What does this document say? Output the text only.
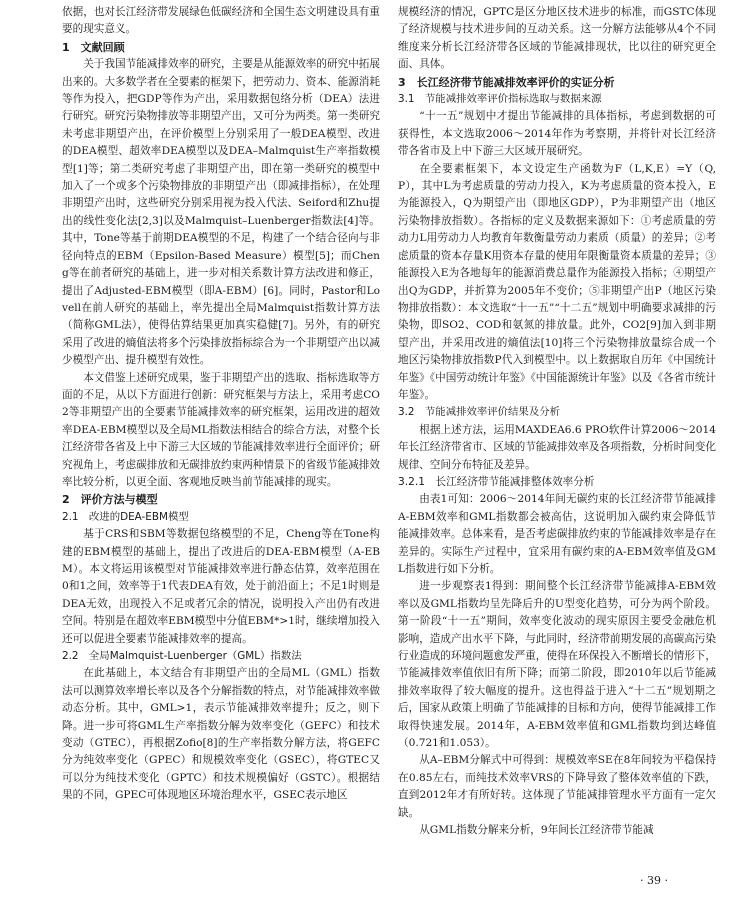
依据，也对长江经济带发展绿色低碳经济和全国生态文明建设具有重要的现实意义。

1　文献回顾

关于我国节能减排效率的研究，主要是从能源效率的研究中拓展出来的。大多数学者在全要素的框架下，把劳动力、资本、能源消耗等作为投入，把GDP等作为产出，采用数据包络分析（DEA）法进行研究。研究污染物排放等非期望产出，又可分为两类。第一类研究未考虑非期望产出，在评价模型上分别采用了一般DEA模型、改进的DEA模型、超效率DEA模型以及DEA–Malmquist生产率指数模型[1]等；第二类研究考虑了非期望产出，即在第一类研究的模型中加入了一个或多个污染物排放的非期望产出（即减排指标），在处理非期望产出时，这些研究分别采用视为投入代法、Seiford和Zhu提出的线性变化法[2,3]以及Malmquist–Luenberger指数法[4]等。其中，Tone等基于前期DEA模型的不足，构建了一个结合径向与非径向特点的EBM（Epsilon-Based Measure）模型[5]；而Cheng等在前者研究的基础上，进一步对相关系数计算方法改进和修正，提出了Adjusted-EBM模型（即A-EBM）[6]。同时，Pastor和Lovell在前人研究的基础上，率先提出全局Malmquist指数计算方法（简称GML法），使得估算结果更加真实稳健[7]。另外，有的研究采用了改进的熵值法将多个污染排放指标综合为一个非期望产出以减少模型产出、提升模型有效性。

本文借鉴上述研究成果，鉴于非期望产出的选取、指标选取等方面的不足，从以下方面进行创新：研究框架与方法上，采用考虑CO2等非期望产出的全要素节能减排效率的研究框架，运用改进的超效率DEA-EBM模型以及全局ML指数法相结合的综合方法，对整个长江经济带各省及上中下游三大区域的节能减排效率进行全面评价；研究视角上，考虑碳排放和无碳排放约束两种情景下的省级节能减排效率比较分析，以更全面、客观地反映当前节能减排的现实。

2　评价方法与模型
2.1　改进的DEA-EBM模型

基于CRS和SBM等数据包络模型的不足，Cheng等在Tone构建的EBM模型的基础上，提出了改进后的DEA-EBM模型（A-EBM）。本文将运用该模型对节能减排效率进行静态估算，效率范围在0和1之间，效率等于1代表DEA有效，处于前沿面上；不足1时则是DEA无效，出现投入不足或者冗余的情况，说明投入产出仍有改进空间。特别是在超效率EBM模型中分值EBM*>1时，继续增加投入还可以促进全要素节能减排效率的提高。

2.2　全局Malmquist-Luenberger（GML）指数法

在此基础上，本文结合有非期望产出的全局ML（GML）指数法可以测算效率增长率以及各个分解指数的特点，对节能减排效率做动态分析。其中，GML>1，表示节能减排效率提升；反之，则下降。进一步可将GML生产率指数分解为效率变化（GEFC）和技术变动（GTEC），再根据Zofio[8]的生产率指数分解方法，将GEFC分为纯效率变化（GPEC）和规模效率变化（GSEC），将GTEC又可以分为纯技术变化（GPTC）和技术规模偏好（GSTC）。根据结果的不同，GPEC可体现地区环境治理水平，GSEC表示地区

规模经济的情况，GPTC是区分地区技术进步的标准，而GSTC体现了经济规模与技术进步间的互动关系。这一分解方法能够从4个不同维度来分析长江经济带各区域的节能减排现状，比以往的研究更全面、具体。

3　长江经济带节能减排效率评价的实证分析
3.1　节能减排效率评价指标选取与数据来源

“十一五”规划中才提出节能减排的具体指标，考虑到数据的可获得性，本文选取2006～2014年作为考察期，并将针对长江经济带各省市及上中下游三大区域开展研究。

在全要素框架下，本文设定生产函数为F（L,K,E）=Y（Q,P），其中L为考虑质量的劳动力投入，K为考虑质量的资本投入，E为能源投入，Q为期望产出（即地区GDP），P为非期望产出（地区污染物排放指数）。各指标的定义及数据来源如下：①考虑质量的劳动力L用劳动力人均教育年数衡量劳动力素质（质量）的差异；②考虑质量的资本存量K用资本存量的使用年限衡量资本质量的差异；③能源投入E为各地每年的能源消费总量作为能源投入指标；④期望产出Q为GDP，并折算为2005年不变价；⑤非期望产出P（地区污染物排放指数）：本文选取“十一五”“十二五”规划中明确要求减排的污染物，即SO2、COD和氨氮的排放量。此外，CO2[9]加入到非期望产出，并采用改进的熵值法[10]将三个污染物排放量综合成一个地区污染物排放指数P代入到模型中。以上数据取自历年《中国统计年鉴》《中国劳动统计年鉴》《中国能源统计年鉴》以及《各省市统计年鉴》。

3.2　节能减排效率评价结果及分析

根据上述方法，运用MAXDEA6.6 PRO软件计算2006～2014年长江经济带省市、区域的节能减排效率及各项指数，分析时间变化规律、空间分布特征及差异。

3.2.1　长江经济带节能减排整体效率分析

由表1可知：2006～2014年间无碳约束的长江经济带节能减排A-EBM效率和GML指数都会被高估，这说明加入碳约束会降低节能减排效率。总体来看，是否考虑碳排放约束的节能减排效率是存在差异的。实际生产过程中，宜采用有碳约束的A-EBM效率值及GML指数进行如下分析。

进一步观察表1得到：期间整个长江经济带节能减排A-EBM效率以及GML指数均呈先降后升的U型变化趋势，可分为两个阶段。第一阶段“十一五”期间，效率变化波动的现实原因主要受金融危机影响，造成产出水平下降，与此同时，经济带前期发展的高碳高污染行业造成的环境问题愈发严重，使得在环保投入不断增长的情形下，节能减排效率值依旧有所下降；而第二阶段，即2010年以后节能减排效率取得了较大幅度的提升。这也得益于进入“十二五”规划期之后，国家从政策上明确了节能减排的目标和方向，使得节能减排工作取得快速发展。2014年，A-EBM效率值和GML指数均到达峰值（0.721和1.053）。

从A–EBM分解式中可得到：规模效率SE在8年间较为平稳保持在0.85左右，而纯技术效率VRS的下降导致了整体效率值的下跌，直到2012年才有所好转。这体现了节能减排管理水平方面有一定欠缺。

从GML指数分解来分析，9年间长江经济带节能减

· 39 ·
